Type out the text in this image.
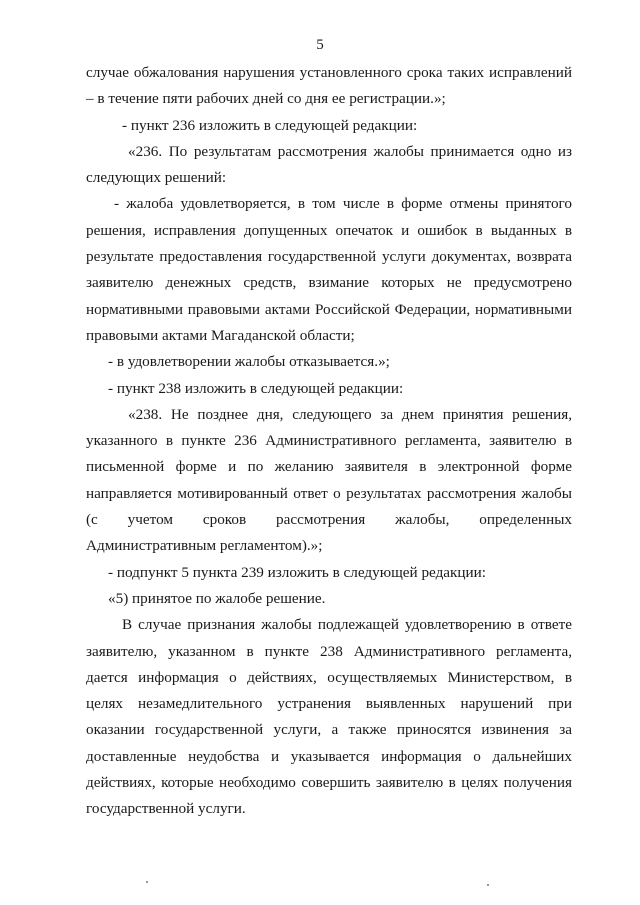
5

случае обжалования нарушения установленного срока таких исправлений – в течение пяти рабочих дней со дня ее регистрации.»;

- пункт 236 изложить в следующей редакции:

«236. По результатам рассмотрения жалобы принимается одно из следующих решений:

- жалоба удовлетворяется, в том числе в форме отмены принятого решения, исправления допущенных опечаток и ошибок в выданных в результате предоставления государственной услуги документах, возврата заявителю денежных средств, взимание которых не предусмотрено нормативными правовыми актами Российской Федерации, нормативными правовыми актами Магаданской области;

- в удовлетворении жалобы отказывается.»;

- пункт 238 изложить в следующей редакции:

«238. Не позднее дня, следующего за днем принятия решения, указанного в пункте 236 Административного регламента, заявителю в письменной форме и по желанию заявителя в электронной форме направляется мотивированный ответ о результатах рассмотрения жалобы (с учетом сроков рассмотрения жалобы, определенных Административным регламентом).»;

- подпункт 5 пункта 239 изложить в следующей редакции:

«5) принятое по жалобе решение.

В случае признания жалобы подлежащей удовлетворению в ответе заявителю, указанном в пункте 238 Административного регламента, дается информация о действиях, осуществляемых Министерством, в целях незамедлительного устранения выявленных нарушений при оказании государственной услуги, а также приносятся извинения за доставленные неудобства и указывается информация о дальнейших действиях, которые необходимо совершить заявителю в целях получения государственной услуги.
